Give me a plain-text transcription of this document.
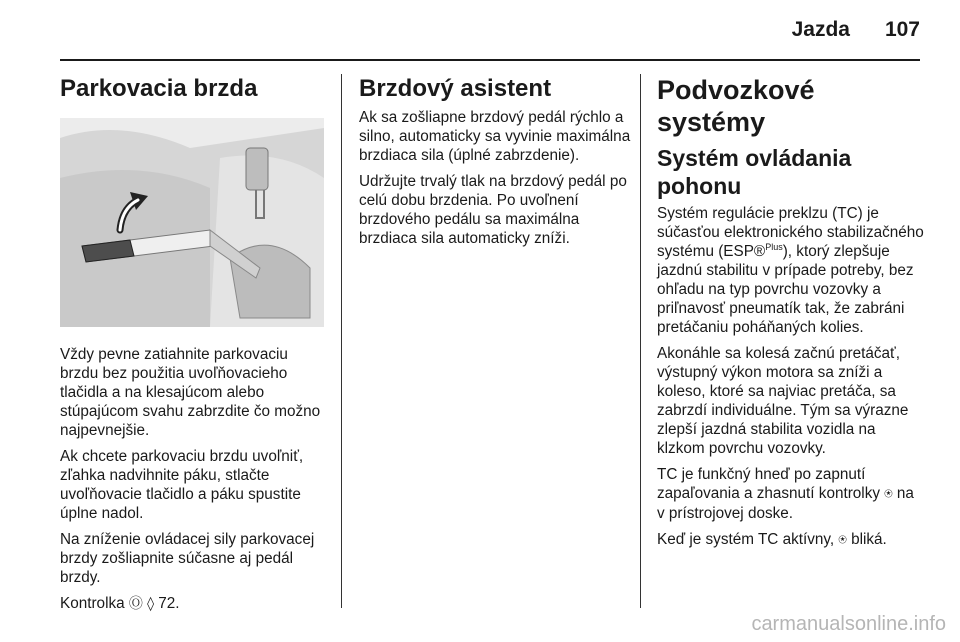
Jazda 107
Parkovacia brzda

Vždy pevne zatiahnite parkovaciu brzdu bez použitia uvoľňovacieho tlačidla a na klesajúcom alebo stúpajúcom svahu zabrzdite čo možno najpevnejšie.

Ak chcete parkovaciu brzdu uvoľniť, zľahka nadvihnite páku, stlačte uvoľňovacie tlačidlo a páku spustite úplne nadol.

Na zníženie ovládacej sily parkovacej brzdy zošliapnite súčasne aj pedál brzdy.

Kontrolka Ⓞ ◊ 72.

Brzdový asistent

Ak sa zošliapne brzdový pedál rýchlo a silno, automaticky sa vyvinie maximálna brzdiaca sila (úplné zabrzdenie).

Udržujte trvalý tlak na brzdový pedál po celú dobu brzdenia. Po uvoľnení brzdového pedálu sa maximálna brzdiaca sila automaticky zníži.

Podvozkové systémy
Systém ovládania pohonu

Systém regulácie preklzu (TC) je súčasťou elektronického stabilizačného systému (ESP®$^{Plus}$), ktorý zlepšuje jazdnú stabilitu v prípade potreby, bez ohľadu na typ povrchu vozovky a priľnavosť pneumatík tak, že zabráni pretáčaniu poháňaných kolies.

Akonáhle sa kolesá začnú pretáčať, výstupný výkon motora sa zníži a koleso, ktoré sa najviac pretáča, sa zabrzdí individuálne. Tým sa výrazne zlepší jazdná stabilita vozidla na klzkom povrchu vozovky.

TC je funkčný hneď po zapnutí zapaľovania a zhasnutí kontrolky ⍟ na v prístrojovej doske.

Keď je systém TC aktívny, ⍟ bliká.

carmanualsonline.info
